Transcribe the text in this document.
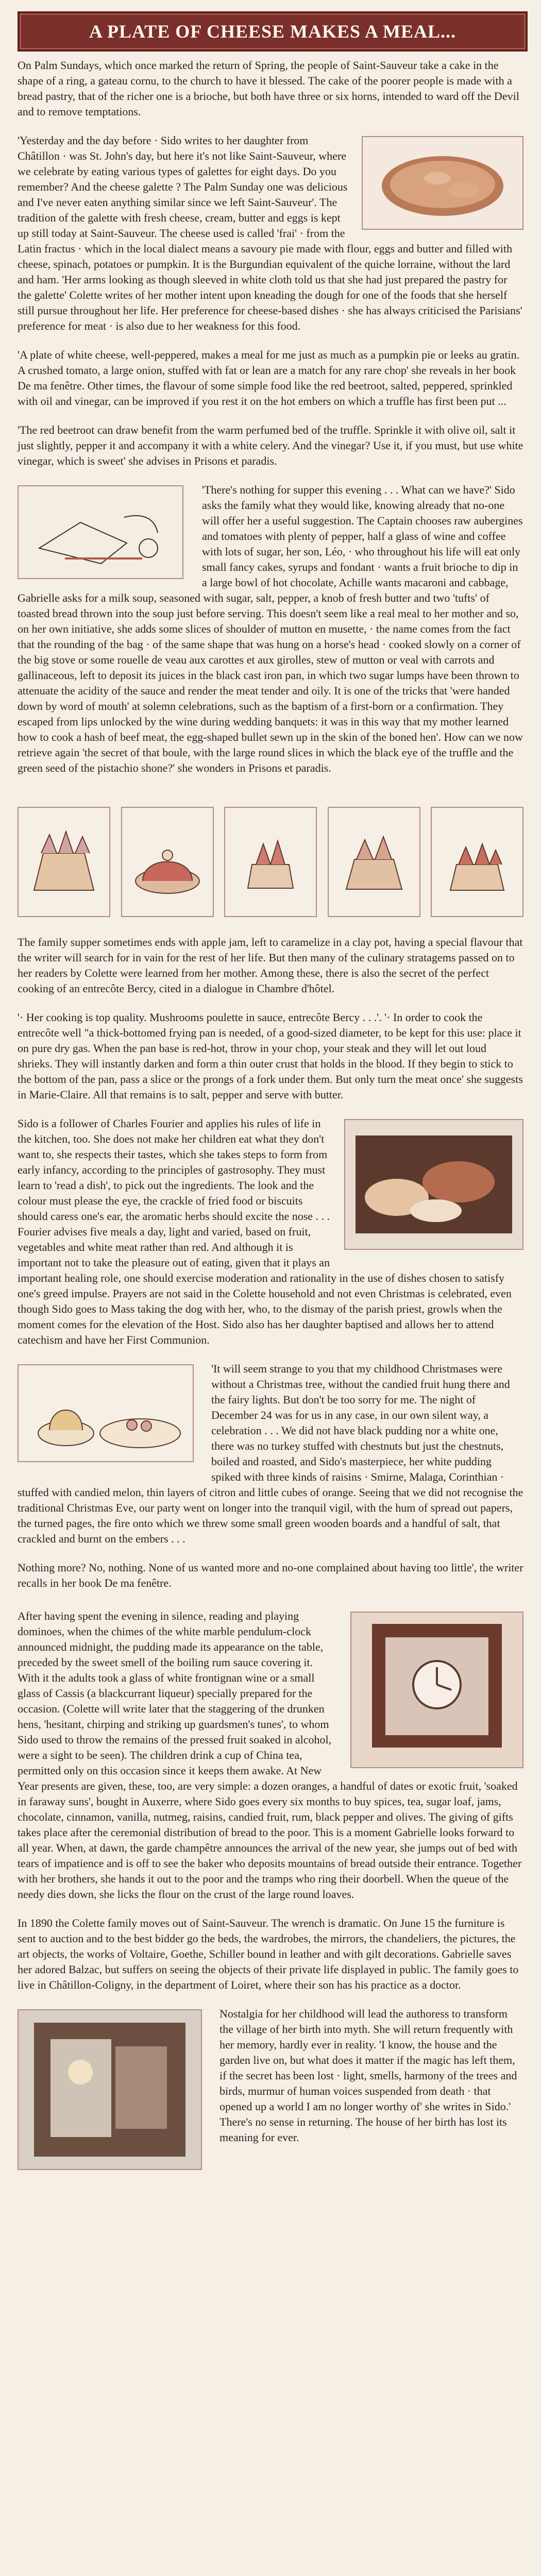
A PLATE OF CHEESE MAKES A MEAL...

On Palm Sundays, which once marked the return of Spring, the people of Saint-Sauveur take a cake in the shape of a ring, a gateau cornu, to the church to have it blessed. The cake of the poorer people is made with a bread pastry, that of the richer one is a brioche, but both have three or six horns, intended to ward off the Devil and to remove temptations.

'Yesterday and the day before · Sido writes to her daughter from Châtillon · was St. John's day, but here it's not like Saint-Sauveur, where we celebrate by eating various types of galettes for eight days. Do you remember? And the cheese galette ? The Palm Sunday one was delicious and I've never eaten anything similar since we left Saint-Sauveur'. The tradition of the galette with fresh cheese, cream, butter and eggs is kept up still today at Saint-Sauveur. The cheese used is called 'frai' · from the Latin fractus · which in the local dialect means a savoury pie made with flour, eggs and butter and filled with cheese, spinach, potatoes or pumpkin. It is the Burgundian equivalent of the quiche lorraine, without the lard and ham. 'Her arms looking as though sleeved in white cloth told us that she had just prepared the pastry for the galette' Colette writes of her mother intent upon kneading the dough for one of the foods that she herself still pursue throughout her life. Her preference for cheese-based dishes · she has always criticised the Parisians' preference for meat · is also due to her weakness for this food.

'A plate of white cheese, well-peppered, makes a meal for me just as much as a pumpkin pie or leeks au gratin. A crushed tomato, a large onion, stuffed with fat or lean are a match for any rare chop' she reveals in her book De ma fenêtre. Other times, the flavour of some simple food like the red beetroot, salted, peppered, sprinkled with oil and vinegar, can be improved if you rest it on the hot embers on which a truffle has first been put ...

'The red beetroot can draw benefit from the warm perfumed bed of the truffle. Sprinkle it with olive oil, salt it just slightly, pepper it and accompany it with a white celery. And the vinegar? Use it, if you must, but use white vinegar, which is sweet' she advises in Prisons et paradis.

'There's nothing for supper this evening . . . What can we have?' Sido asks the family what they would like, knowing already that no-one will offer her a useful suggestion. The Captain chooses raw aubergines and tomatoes with plenty of pepper, half a glass of wine and coffee with lots of sugar, her son, Léo, · who throughout his life will eat only small fancy cakes, syrups and fondant · wants a fruit brioche to dip in a large bowl of hot chocolate, Achille wants macaroni and cabbage, Gabrielle asks for a milk soup, seasoned with sugar, salt, pepper, a knob of fresh butter and two 'tufts' of toasted bread thrown into the soup just before serving. This doesn't seem like a real meal to her mother and so, on her own initiative, she adds some slices of shoulder of mutton en musette, · the name comes from the fact that the rounding of the bag · of the same shape that was hung on a horse's head · cooked slowly on a corner of the big stove or some rouelle de veau aux carottes et aux girolles, stew of mutton or veal with carrots and gallinaceous, left to deposit its juices in the black cast iron pan, in which two sugar lumps have been thrown to attenuate the acidity of the sauce and render the meat tender and oily. It is one of the tricks that 'were handed down by word of mouth' at solemn celebrations, such as the baptism of a first-born or a confirmation. They escaped from lips unlocked by the wine during wedding banquets: it was in this way that my mother learned how to cook a hash of beef meat, the egg-shaped bullet sewn up in the skin of the boned hen'. How can we now retrieve again 'the secret of that boule, with the large round slices in which the black eye of the truffle and the green seed of the pistachio shone?' she wonders in Prisons et paradis.

The family supper sometimes ends with apple jam, left to caramelize in a clay pot, having a special flavour that the writer will search for in vain for the rest of her life. But then many of the culinary stratagems passed on to her readers by Colette were learned from her mother. Among these, there is also the secret of the perfect cooking of an entrecôte Bercy, cited in a dialogue in Chambre d'hôtel.

'· Her cooking is top quality. Mushrooms poulette in sauce, entrecôte Bercy . . .'. '· In order to cook the entrecôte well "a thick-bottomed frying pan is needed, of a good-sized diameter, to be kept for this use: place it on pure dry gas. When the pan base is red-hot, throw in your chop, your steak and they will let out loud shrieks. They will instantly darken and form a thin outer crust that holds in the blood. If they begin to stick to the bottom of the pan, pass a slice or the prongs of a fork under them. But only turn the meat once' she suggests in Marie-Claire. All that remains is to salt, pepper and serve with butter.

Sido is a follower of Charles Fourier and applies his rules of life in the kitchen, too. She does not make her children eat what they don't want to, she respects their tastes, which she takes steps to form from early infancy, according to the principles of gastrosophy. They must learn to 'read a dish', to pick out the ingredients. The look and the colour must please the eye, the crackle of fried food or biscuits should caress one's ear, the aromatic herbs should excite the nose . . . Fourier advises five meals a day, light and varied, based on fruit, vegetables and white meat rather than red. And although it is important not to take the pleasure out of eating, given that it plays an important healing role, one should exercise moderation and rationality in the use of dishes chosen to satisfy one's greed impulse. Prayers are not said in the Colette household and not even Christmas is celebrated, even though Sido goes to Mass taking the dog with her, who, to the dismay of the parish priest, growls when the moment comes for the elevation of the Host. Sido also has her daughter baptised and allows her to attend catechism and have her First Communion.

'It will seem strange to you that my childhood Christmases were without a Christmas tree, without the candied fruit hung there and the fairy lights. But don't be too sorry for me. The night of December 24 was for us in any case, in our own silent way, a celebration . . . We did not have black pudding nor a white one, there was no turkey stuffed with chestnuts but just the chestnuts, boiled and roasted, and Sido's masterpiece, her white pudding spiked with three kinds of raisins · Smirne, Malaga, Corinthian · stuffed with candied melon, thin layers of citron and little cubes of orange. Seeing that we did not recognise the traditional Christmas Eve, our party went on longer into the tranquil vigil, with the hum of spread out papers, the turned pages, the fire onto which we threw some small green wooden boards and a handful of salt, that crackled and burnt on the embers . . .

Nothing more? No, nothing. None of us wanted more and no-one complained about having too little', the writer recalls in her book De ma fenêtre.

After having spent the evening in silence, reading and playing dominoes, when the chimes of the white marble pendulum-clock announced midnight, the pudding made its appearance on the table, preceded by the sweet smell of the boiling rum sauce covering it. With it the adults took a glass of white frontignan wine or a small glass of Cassis (a blackcurrant liqueur) specially prepared for the occasion. (Colette will write later that the staggering of the drunken hens, 'hesitant, chirping and striking up guardsmen's tunes', to whom Sido used to throw the remains of the pressed fruit soaked in alcohol, were a sight to be seen). The children drink a cup of China tea, permitted only on this occasion since it keeps them awake. At New Year presents are given, these, too, are very simple: a dozen oranges, a handful of dates or exotic fruit, 'soaked in faraway suns', bought in Auxerre, where Sido goes every six months to buy spices, tea, sugar loaf, jams, chocolate, cinnamon, vanilla, nutmeg, raisins, candied fruit, rum, black pepper and olives. The giving of gifts takes place after the ceremonial distribution of bread to the poor. This is a moment Gabrielle looks forward to all year. When, at dawn, the garde champêtre announces the arrival of the new year, she jumps out of bed with tears of impatience and is off to see the baker who deposits mountains of bread outside their entrance. Together with her brothers, she hands it out to the poor and the tramps who ring their doorbell. When the queue of the needy dies down, she licks the flour on the crust of the large round loaves.

In 1890 the Colette family moves out of Saint-Sauveur. The wrench is dramatic. On June 15 the furniture is sent to auction and to the best bidder go the beds, the wardrobes, the mirrors, the chandeliers, the pictures, the art objects, the works of Voltaire, Goethe, Schiller bound in leather and with gilt decorations. Gabrielle saves her adored Balzac, but suffers on seeing the objects of their private life displayed in public. The family goes to live in Châtillon-Coligny, in the department of Loiret, where their son has his practice as a doctor.

Nostalgia for her childhood will lead the authoress to transform the village of her birth into myth. She will return frequently with her memory, hardly ever in reality. 'I know, the house and the garden live on, but what does it matter if the magic has left them, if the secret has been lost · light, smells, harmony of the trees and birds, murmur of human voices suspended from death · that opened up a world I am no longer worthy of' she writes in Sido.' There's no sense in returning. The house of her birth has lost its meaning for ever.
